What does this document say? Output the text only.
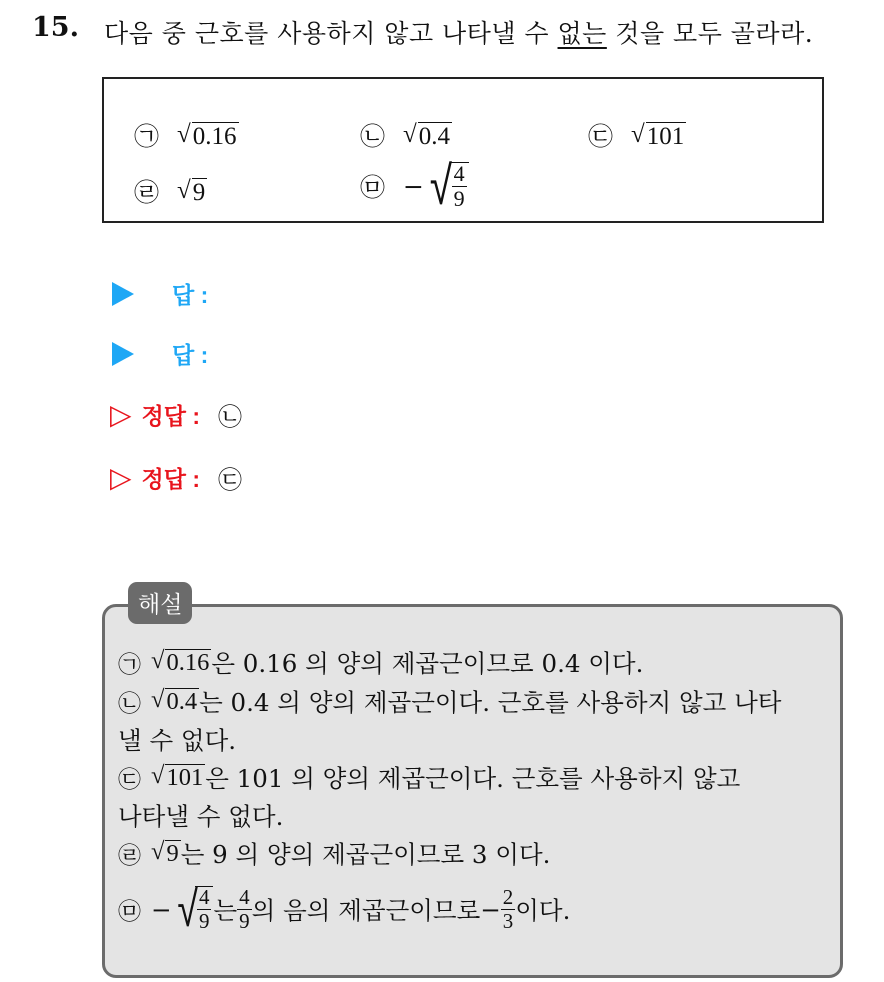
15. 다음 중 근호를 사용하지 않고 나타낼 수 없는 것을 모두 골라라.
㉠ √ 0.16	㉡ √ 0.4	㉢ √ 101
㉣ √ 9	㉤ − √ $\frac{4}{9}$
답 :
답 :
▷ 정답 : ㉡
▷ 정답 : ㉢
해설
㉠ √ 0.16 은 0.16 의 양의 제곱근이므로 0.4 이다.
㉡ √ 0.4 는 0.4 의 양의 제곱근이다. 근호를 사용하지 않고 나타
낼 수 없다.
㉢ √ 101 은 101 의 양의 제곱근이다. 근호를 사용하지 않고
나타낼 수 없다.
㉣ √ 9 는 9 의 양의 제곱근이므로 3 이다.
㉤ − √ $\frac{4}{9}$ 는 $\frac{4}{9}$ 의 음의 제곱근이므로 − $\frac{2}{3}$ 이다.
